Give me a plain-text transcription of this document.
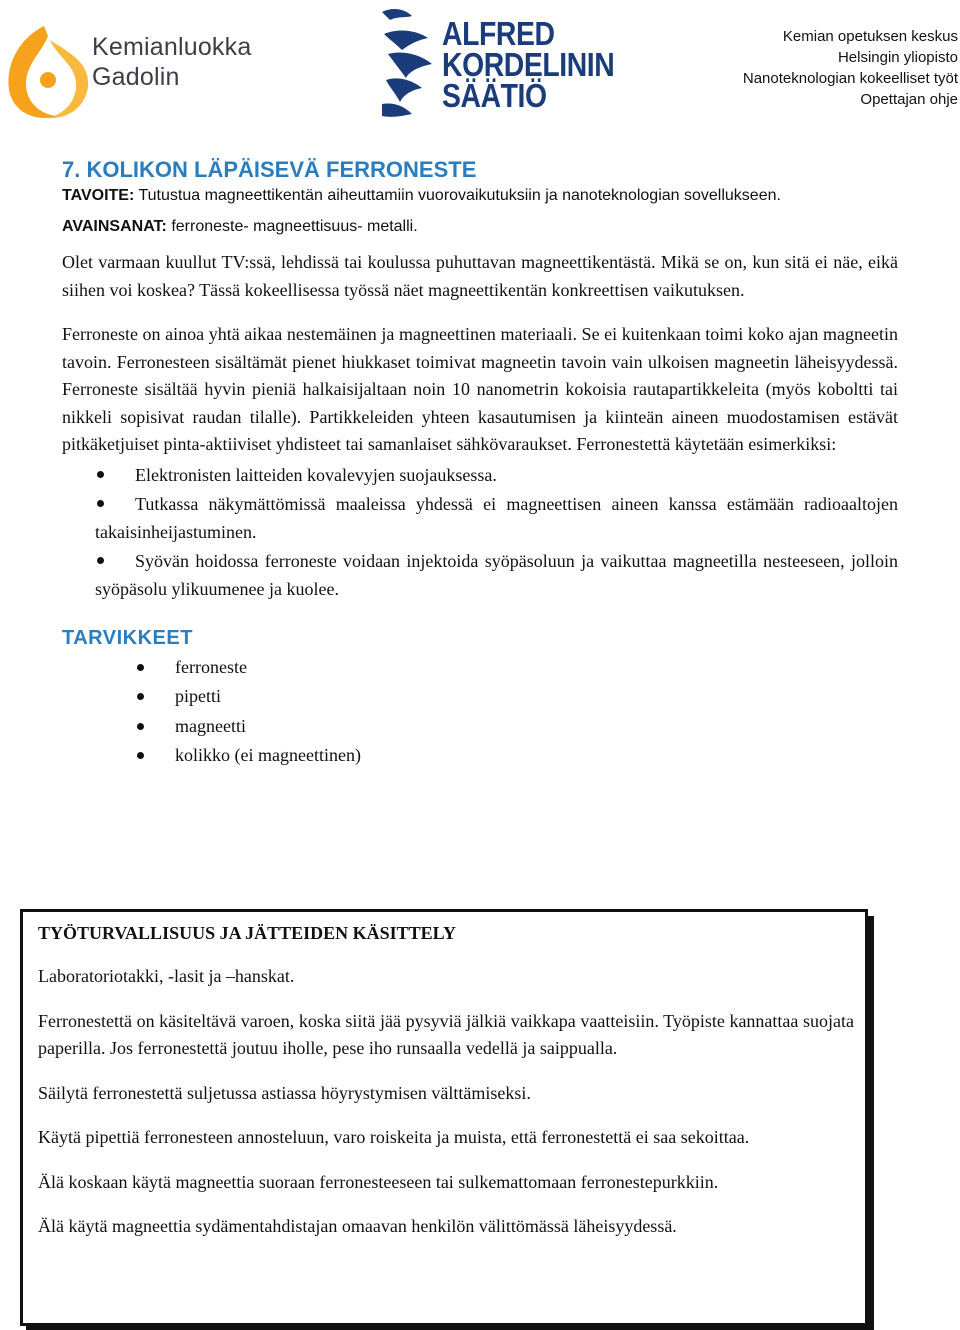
Kemianluokka
Gadolin
ALFRED
KORDELININ
SÄÄTIÖ
Kemian opetuksen keskus
Helsingin yliopisto
Nanoteknologian kokeelliset työt
Opettajan ohje
7. KOLIKON LÄPÄISEVÄ FERRONESTE
TAVOITE: Tutustua magneettikentän aiheuttamiin vuorovaikutuksiin ja nanoteknologian sovellukseen.
AVAINSANAT: ferroneste- magneettisuus- metalli.

Olet varmaan kuullut TV:ssä, lehdissä tai koulussa puhuttavan magneettikentästä. Mikä se on, kun sitä ei näe, eikä siihen voi koskea? Tässä kokeellisessa työssä näet magneettikentän konkreettisen vaikutuksen.

Ferroneste on ainoa yhtä aikaa nestemäinen ja magneettinen materiaali. Se ei kuitenkaan toimi koko ajan magneetin tavoin. Ferronesteen sisältämät pienet hiukkaset toimivat magneetin tavoin vain ulkoisen magneetin läheisyydessä. Ferroneste sisältää hyvin pieniä halkaisijaltaan noin 10 nanometrin kokoisia rautapartikkeleita (myös koboltti tai nikkeli sopisivat raudan tilalle). Partikkeleiden yhteen kasautumisen ja kiinteän aineen muodostamisen estävät pitkäketjuiset pinta-aktiiviset yhdisteet tai samanlaiset sähkövaraukset. Ferronestettä käytetään esimerkiksi:

Elektronisten laitteiden kovalevyjen suojauksessa.
Tutkassa näkymättömissä maaleissa yhdessä ei magneettisen aineen kanssa estämään radioaaltojen takaisinheijastuminen.
Syövän hoidossa ferroneste voidaan injektoida syöpäsoluun ja vaikuttaa magneetilla nesteeseen, jolloin syöpäsolu ylikuumenee ja kuolee.
TARVIKKEET
ferroneste
pipetti
magneetti
kolikko (ei magneettinen)
TYÖTURVALLISUUS JA JÄTTEIDEN KÄSITTELY

Laboratoriotakki, -lasit ja –hanskat.

Ferronestettä on käsiteltävä varoen, koska siitä jää pysyviä jälkiä vaikkapa vaatteisiin. Työpiste kannattaa suojata paperilla. Jos ferronestettä joutuu iholle, pese iho runsaalla vedellä ja saippualla.

Säilytä ferronestettä suljetussa astiassa höyrystymisen välttämiseksi.

Käytä pipettiä ferronesteen annosteluun, varo roiskeita ja muista, että ferronestettä ei saa sekoittaa.

Älä koskaan käytä magneettia suoraan ferronesteeseen tai sulkemattomaan ferronestepurkkiin.

Älä käytä magneettia sydämentahdistajan omaavan henkilön välittömässä läheisyydessä.
